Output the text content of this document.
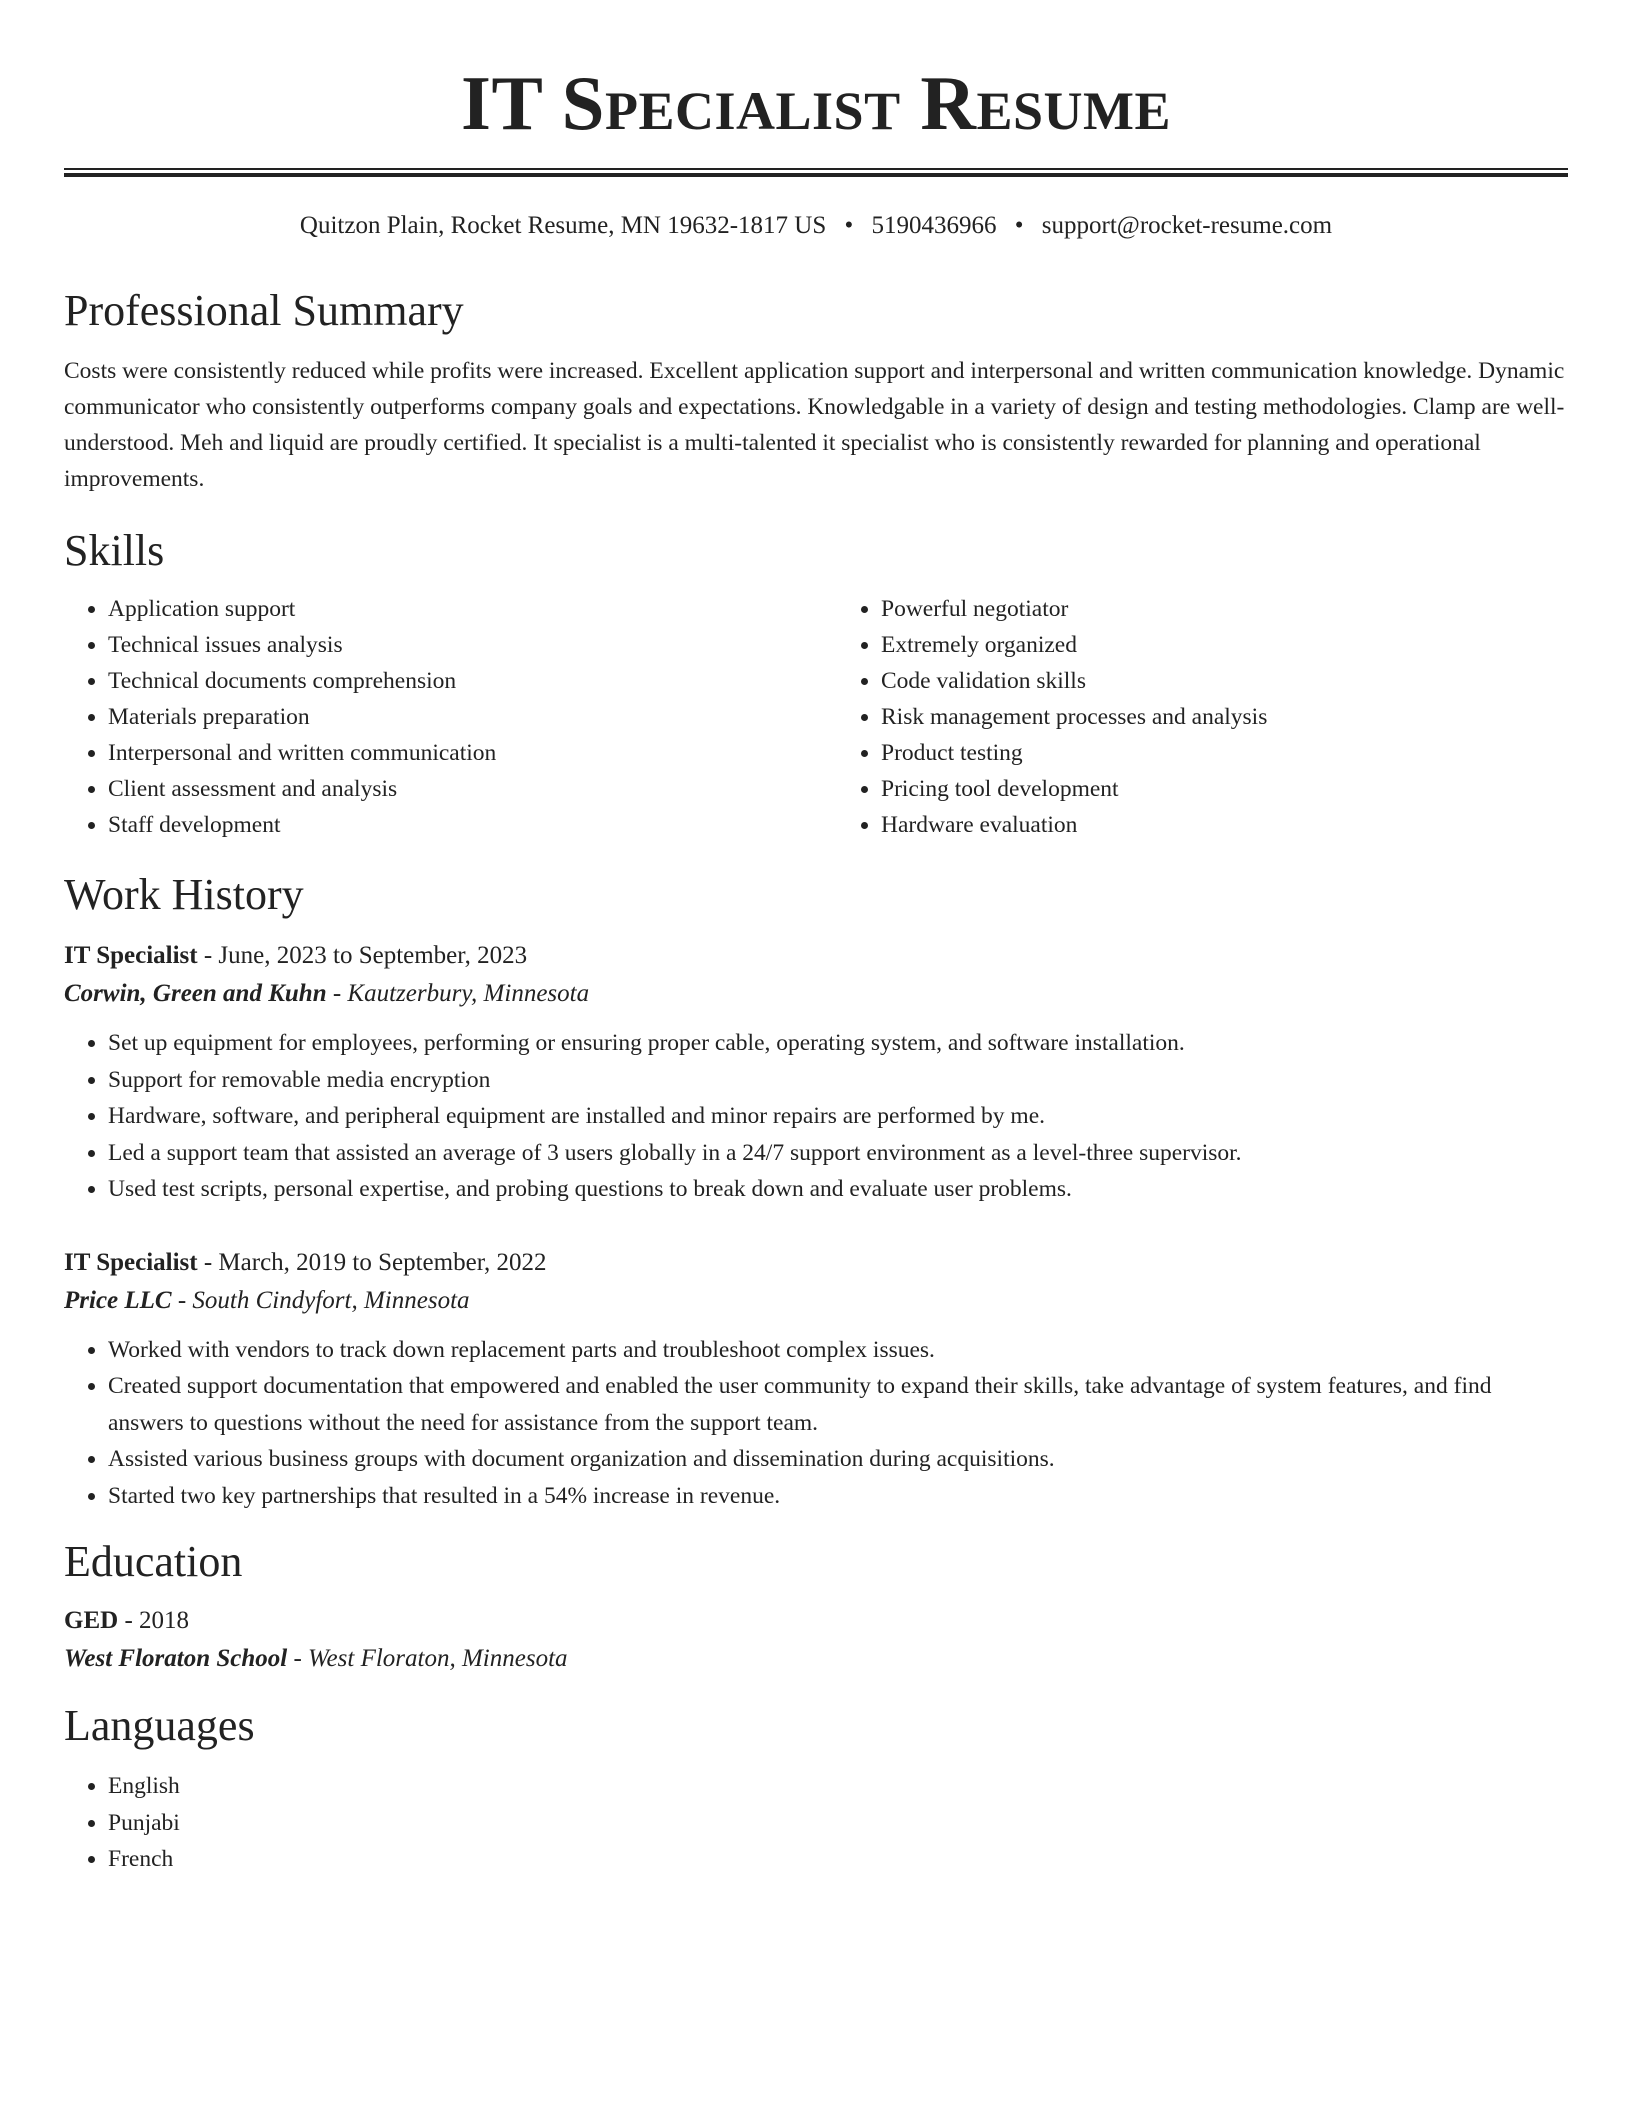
IT Specialist Resume
Quitzon Plain, Rocket Resume, MN 19632-1817 US • 5190436966 • support@rocket-resume.com
Professional Summary
Costs were consistently reduced while profits were increased. Excellent application support and interpersonal and written communication knowledge. Dynamic communicator who consistently outperforms company goals and expectations. Knowledgable in a variety of design and testing methodologies. Clamp are well-understood. Meh and liquid are proudly certified. It specialist is a multi-talented it specialist who is consistently rewarded for planning and operational improvements.
Skills
• Application support
• Technical issues analysis
• Technical documents comprehension
• Materials preparation
• Interpersonal and written communication
• Client assessment and analysis
• Staff development
• Powerful negotiator
• Extremely organized
• Code validation skills
• Risk management processes and analysis
• Product testing
• Pricing tool development
• Hardware evaluation
Work History
IT Specialist - June, 2023 to September, 2023
Corwin, Green and Kuhn - Kautzerbury, Minnesota
• Set up equipment for employees, performing or ensuring proper cable, operating system, and software installation.
• Support for removable media encryption
• Hardware, software, and peripheral equipment are installed and minor repairs are performed by me.
• Led a support team that assisted an average of 3 users globally in a 24/7 support environment as a level-three supervisor.
• Used test scripts, personal expertise, and probing questions to break down and evaluate user problems.
IT Specialist - March, 2019 to September, 2022
Price LLC - South Cindyfort, Minnesota
• Worked with vendors to track down replacement parts and troubleshoot complex issues.
• Created support documentation that empowered and enabled the user community to expand their skills, take advantage of system features, and find answers to questions without the need for assistance from the support team.
• Assisted various business groups with document organization and dissemination during acquisitions.
• Started two key partnerships that resulted in a 54% increase in revenue.
Education
GED - 2018
West Floraton School - West Floraton, Minnesota
Languages
• English
• Punjabi
• French
